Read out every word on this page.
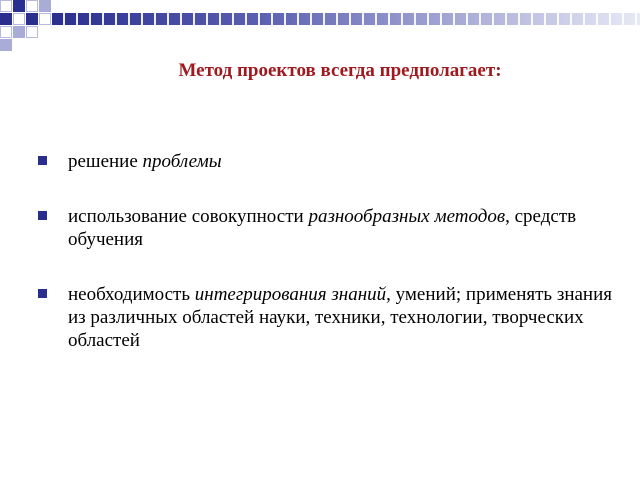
Метод проектов всегда предполагает:
решение проблемы
использование совокупности разнообразных методов, средств обучения
необходимость интегрирования знаний, умений; применять знания из различных областей науки, техники, технологии, творческих областей
